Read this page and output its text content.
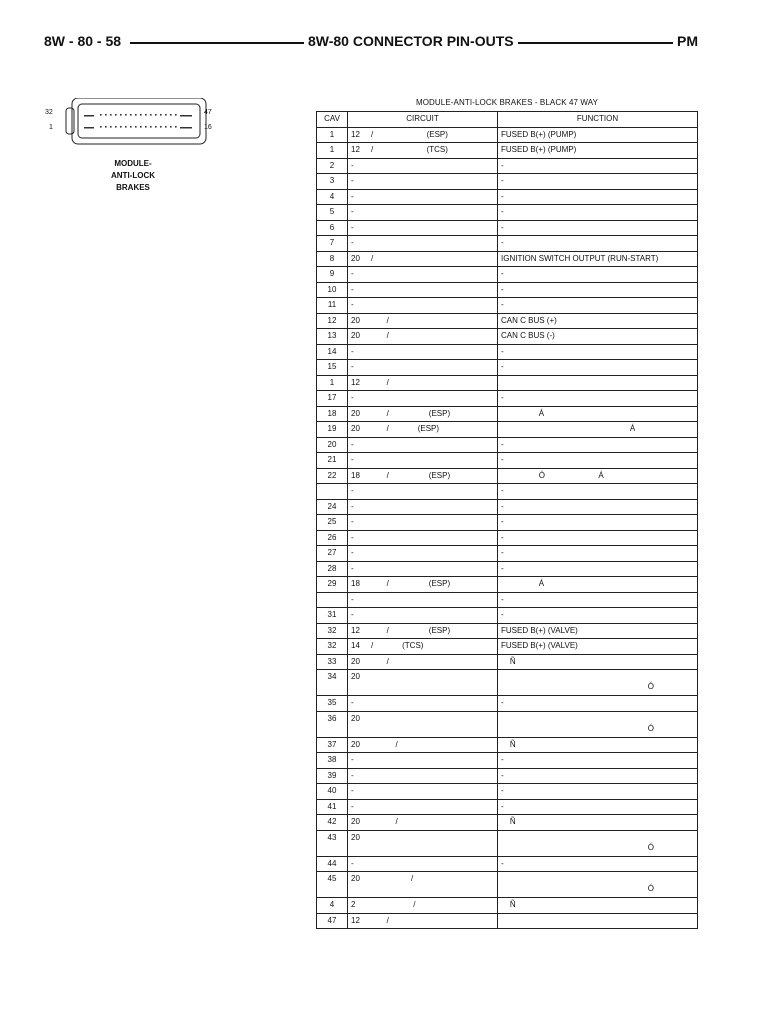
8W - 80 - 58	8W-80 CONNECTOR PIN-OUTS	PM
32
1
47
16
MODULE-
ANTI-LOCK
BRAKES
MODULE-ANTI-LOCK BRAKES - BLACK 47 WAY
CAV	CIRCUIT	FUNCTION
1	12     /                        (ESP)	FUSED B(+) (PUMP)
1	12     /                        (TCS)	FUSED B(+) (PUMP)
2	-	-
3	-	-
4	-	-
5	-	-
6	-	-
7	-	-
8	20     /	IGNITION SWITCH OUTPUT (RUN-START)
9	-	-
10	-	-
11	-	-
12	20            /	CAN C BUS (+)
13	20            /	CAN C BUS (-)
14	-	-
15	-	-
1	12            /	
17	-	-
18	20            /                  (ESP)	Á
19	20            /             (ESP)	Á
20	-	-
21	-	-
22	18            /                  (ESP)	Ó                        Á
	-	-
24	-	-
25	-	-
26	-	-
27	-	-
28	-	-
29	18            /                  (ESP)	Á
	-	-
31	-	-
32	12            /                  (ESP)	FUSED B(+) (VALVE)
32	14     /             (TCS)	FUSED B(+) (VALVE)
33	20            /	Ñ
34	20	Ó

35	-	-
36	20	Ó

37	20                /	Ñ
38	-	-
39	-	-
40	-	-
41	-	-
42	20                /	Ñ
43	20	Ó

44	-	-
45	20                       /	Ó

4	2                          /	Ñ
47	12            /	
